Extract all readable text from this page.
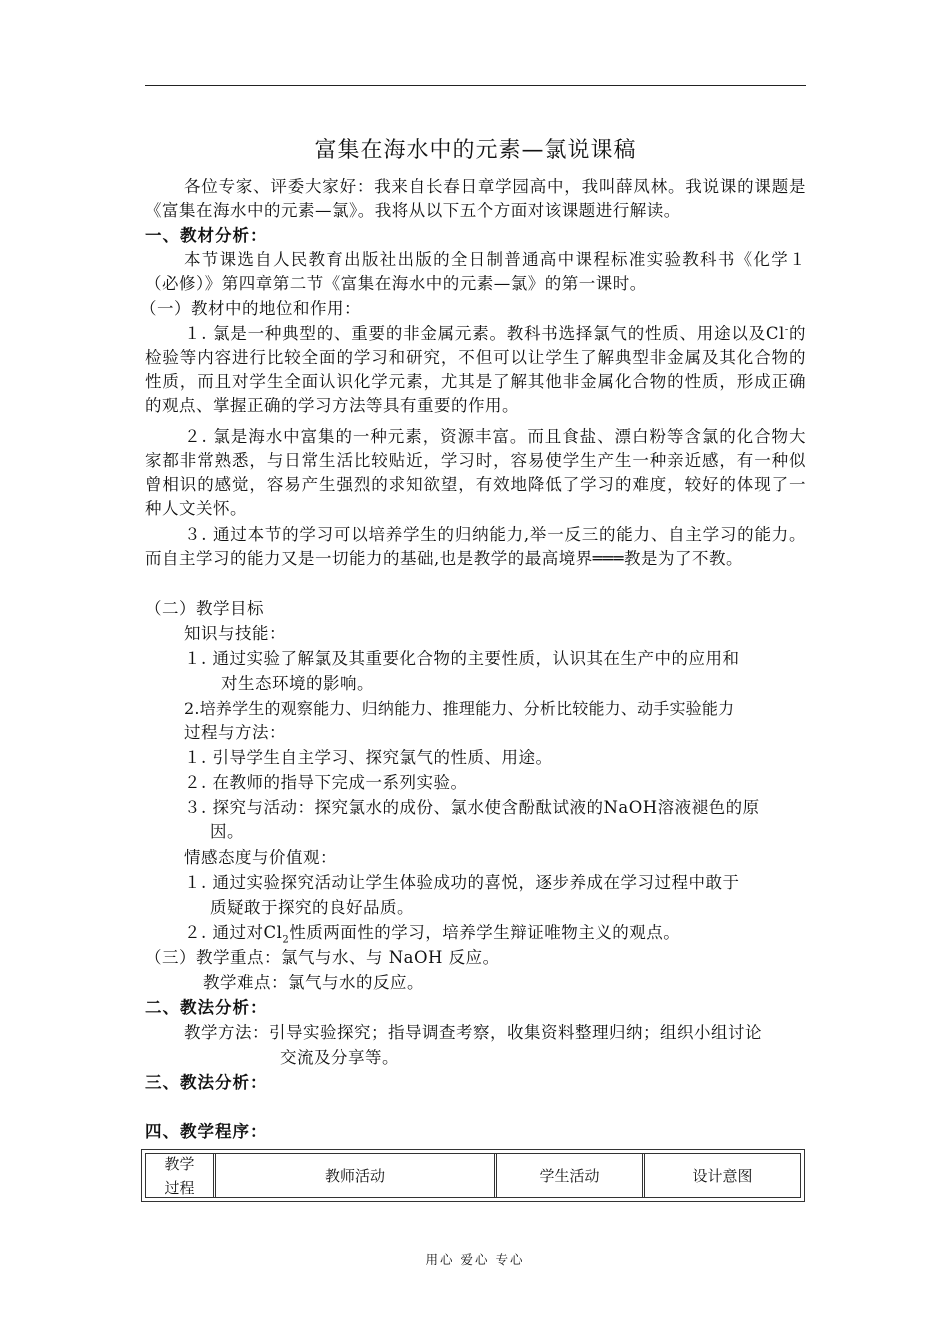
富集在海水中的元素—氯说课稿
各位专家、评委大家好：我来自长春日章学园高中，我叫薛凤林。我说课的课题是《富集在海水中的元素—氯》。我将从以下五个方面对该课题进行解读。
一、教材分析：
本节课选自人民教育出版社出版的全日制普通高中课程标准实验教科书《化学１（必修）》第四章第二节《富集在海水中的元素—氯》的第一课时。
（一）教材中的地位和作用：
１. 氯是一种典型的、重要的非金属元素。教科书选择氯气的性质、用途以及Cl-的检验等内容进行比较全面的学习和研究，不但可以让学生了解典型非金属及其化合物的性质，而且对学生全面认识化学元素，尤其是了解其他非金属化合物的性质，形成正确的观点、掌握正确的学习方法等具有重要的作用。
２. 氯是海水中富集的一种元素，资源丰富。而且食盐、漂白粉等含氯的化合物大家都非常熟悉，与日常生活比较贴近，学习时，容易使学生产生一种亲近感，有一种似曾相识的感觉，容易产生强烈的求知欲望，有效地降低了学习的难度，较好的体现了一种人文关怀。
３. 通过本节的学习可以培养学生的归纳能力,举一反三的能力、自主学习的能力。而自主学习的能力又是一切能力的基础,也是教学的最高境界═══教是为了不教。
（二）教学目标
知识与技能：
１. 通过实验了解氯及其重要化合物的主要性质，认识其在生产中的应用和
对生态环境的影响。
2.培养学生的观察能力、归纳能力、推理能力、分析比较能力、动手实验能力
过程与方法：
１. 引导学生自主学习、探究氯气的性质、用途。
２. 在教师的指导下完成一系列实验。
３. 探究与活动：探究氯水的成份、氯水使含酚酞试液的NaOH溶液褪色的原
因。
情感态度与价值观：
１. 通过实验探究活动让学生体验成功的喜悦，逐步养成在学习过程中敢于
质疑敢于探究的良好品质。
２. 通过对$Cl_2$性质两面性的学习，培养学生辩证唯物主义的观点。
（三）教学重点：氯气与水、与 NaOH 反应。
教学难点：氯气与水的反应。
二、教法分析：
教学方法：引导实验探究；指导调查考察，收集资料整理归纳；组织小组讨论
交流及分享等。
三、教法分析：
四、教学程序：
教学
过程
教师活动	学生活动	设计意图
用心 爱心 专心
